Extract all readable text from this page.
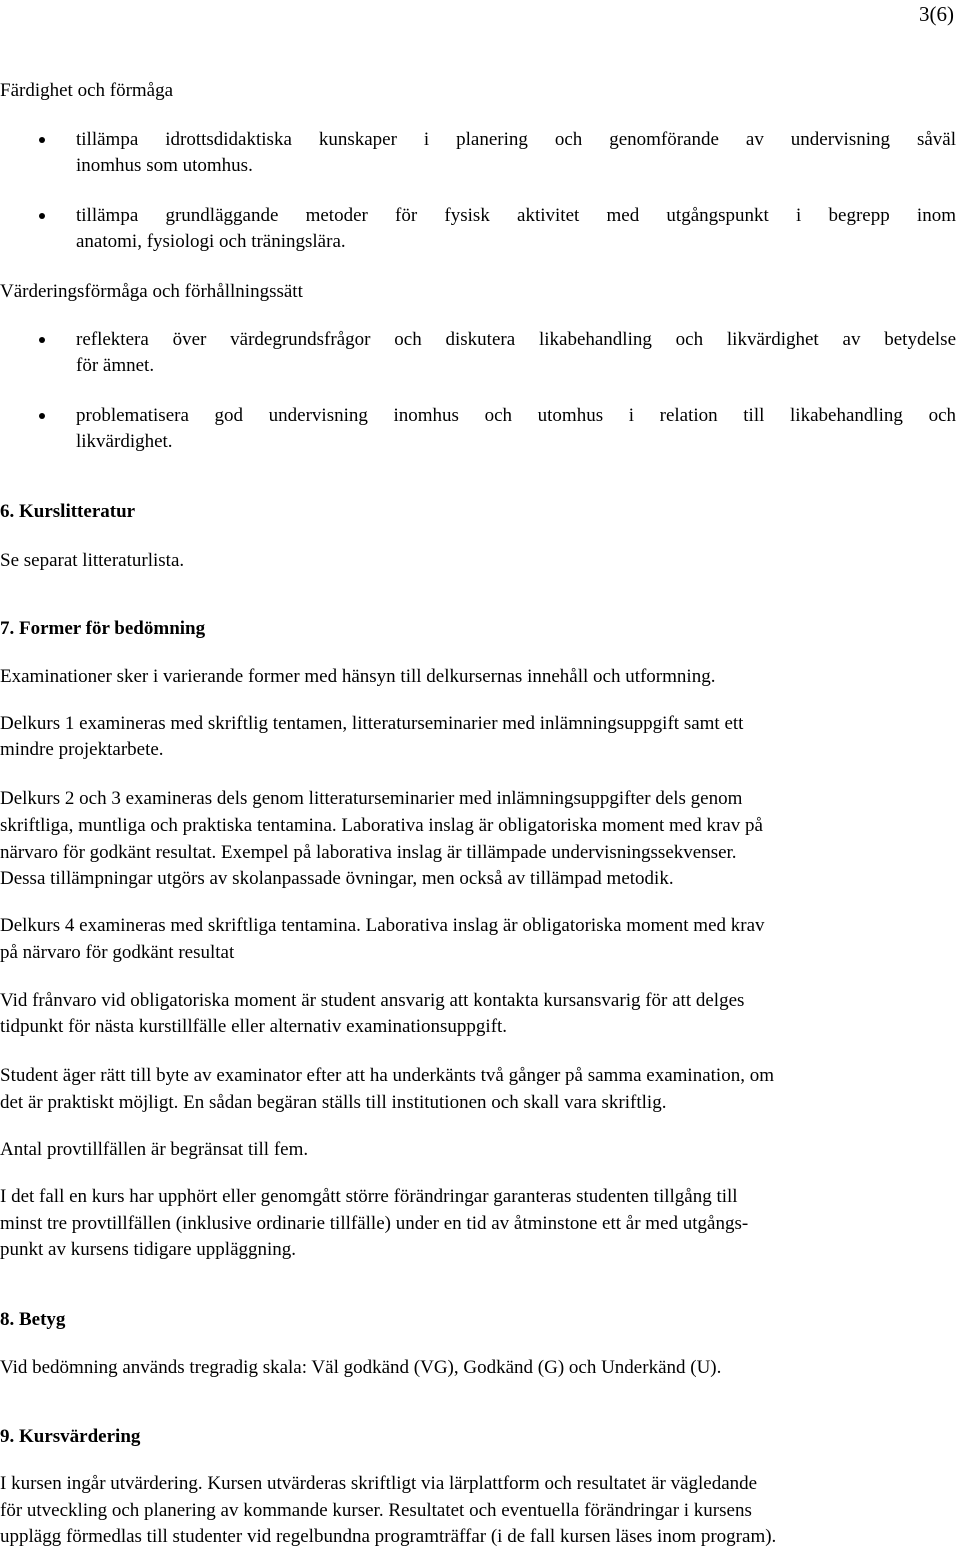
3(6)
Färdighet och förmåga
tillämpa idrottsdidaktiska kunskaper i planering och genomförande av undervisning såväl
inomhus som utomhus.
tillämpa grundläggande metoder för fysisk aktivitet med utgångspunkt i begrepp inom
anatomi, fysiologi och träningslära.
Värderingsförmåga och förhållningssätt
reflektera över värdegrundsfrågor och diskutera likabehandling och likvärdighet av betydelse
för ämnet.
problematisera god undervisning inomhus och utomhus i relation till likabehandling och
likvärdighet.
6. Kurslitteratur
Se separat litteraturlista.
7. Former för bedömning
Examinationer sker i varierande former med hänsyn till delkursernas innehåll och utformning.
Delkurs 1 examineras med skriftlig tentamen, litteraturseminarier med inlämningsuppgift samt ett
mindre projektarbete.
Delkurs 2 och 3 examineras dels genom litteraturseminarier med inlämningsuppgifter dels genom
skriftliga, muntliga och praktiska tentamina. Laborativa inslag är obligatoriska moment med krav på
närvaro för godkänt resultat. Exempel på laborativa inslag är tillämpade undervisningssekvenser.
Dessa tillämpningar utgörs av skolanpassade övningar, men också av tillämpad metodik.
Delkurs 4 examineras med skriftliga tentamina. Laborativa inslag är obligatoriska moment med krav
på närvaro för godkänt resultat
Vid frånvaro vid obligatoriska moment är student ansvarig att kontakta kursansvarig för att delges
tidpunkt för nästa kurstillfälle eller alternativ examinationsuppgift.
Student äger rätt till byte av examinator efter att ha underkänts två gånger på samma examination, om
det är praktiskt möjligt. En sådan begäran ställs till institutionen och skall vara skriftlig.
Antal provtillfällen är begränsat till fem.
I det fall en kurs har upphört eller genomgått större förändringar garanteras studenten tillgång till
minst tre provtillfällen (inklusive ordinarie tillfälle) under en tid av åtminstone ett år med utgångs-
punkt av kursens tidigare uppläggning.
8. Betyg
Vid bedömning används tregradig skala: Väl godkänd (VG), Godkänd (G) och Underkänd (U).
9. Kursvärdering
I kursen ingår utvärdering. Kursen utvärderas skriftligt via lärplattform och resultatet är vägledande
för utveckling och planering av kommande kurser. Resultatet och eventuella förändringar i kursens
upplägg förmedlas till studenter vid regelbundna programträffar (i de fall kursen läses inom program).
